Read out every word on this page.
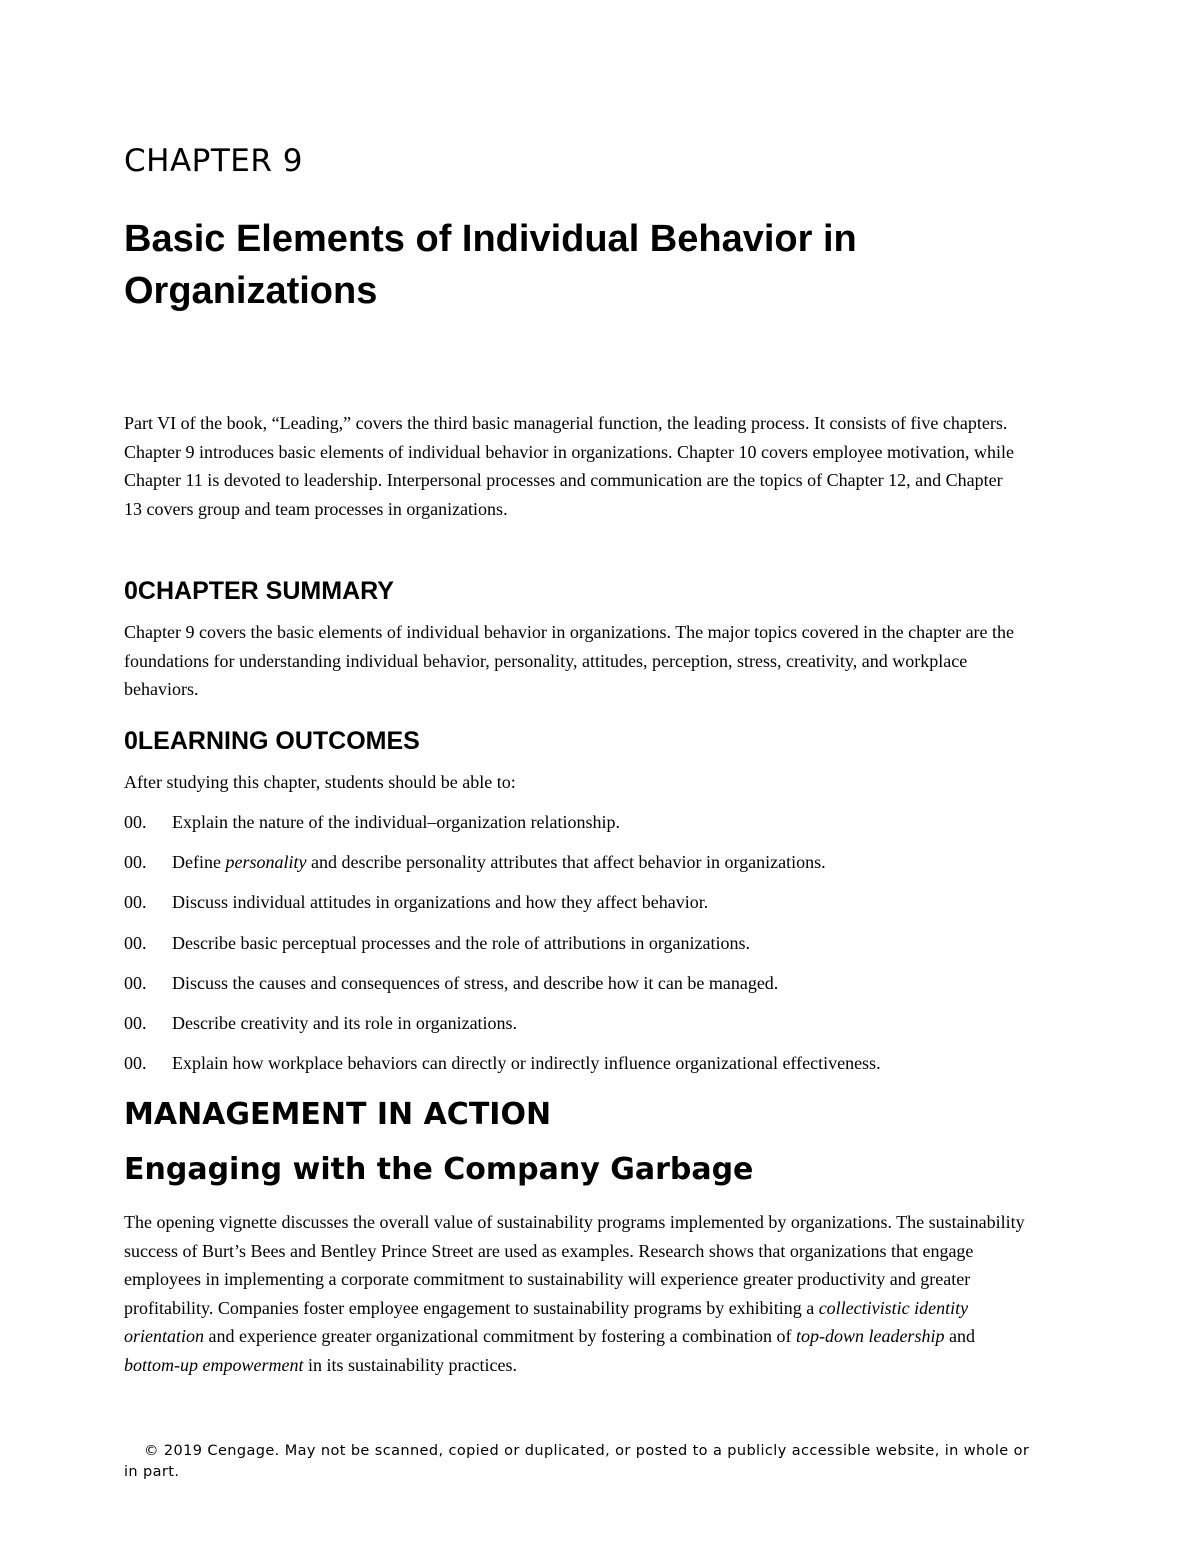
CHAPTER 9
Basic Elements of Individual Behavior in Organizations

Part VI of the book, “Leading,” covers the third basic managerial function, the leading process. It consists of five chapters. Chapter 9 introduces basic elements of individual behavior in organizations. Chapter 10 covers employee motivation, while Chapter 11 is devoted to leadership. Interpersonal processes and communication are the topics of Chapter 12, and Chapter 13 covers group and team processes in organizations.

0CHAPTER SUMMARY

Chapter 9 covers the basic elements of individual behavior in organizations. The major topics covered in the chapter are the foundations for understanding individual behavior, personality, attitudes, perception, stress, creativity, and workplace behaviors.

0LEARNING OUTCOMES

After studying this chapter, students should be able to:

00.	Explain the nature of the individual–organization relationship.
00.	Define personality and describe personality attributes that affect behavior in organizations.
00.	Discuss individual attitudes in organizations and how they affect behavior.
00.	Describe basic perceptual processes and the role of attributions in organizations.
00.	Discuss the causes and consequences of stress, and describe how it can be managed.
00.	Describe creativity and its role in organizations.
00.	Explain how workplace behaviors can directly or indirectly influence organizational effectiveness.
MANAGEMENT IN ACTION
Engaging with the Company Garbage

The opening vignette discusses the overall value of sustainability programs implemented by organizations. The sustainability success of Burt’s Bees and Bentley Prince Street are used as examples. Research shows that organizations that engage employees in implementing a corporate commitment to sustainability will experience greater productivity and greater profitability. Companies foster employee engagement to sustainability programs by exhibiting a collectivistic identity orientation and experience greater organizational commitment by fostering a combination of top-down leadership and bottom-up empowerment in its sustainability practices.

© 2019 Cengage. May not be scanned, copied or duplicated, or posted to a publicly accessible website, in whole or in part.
